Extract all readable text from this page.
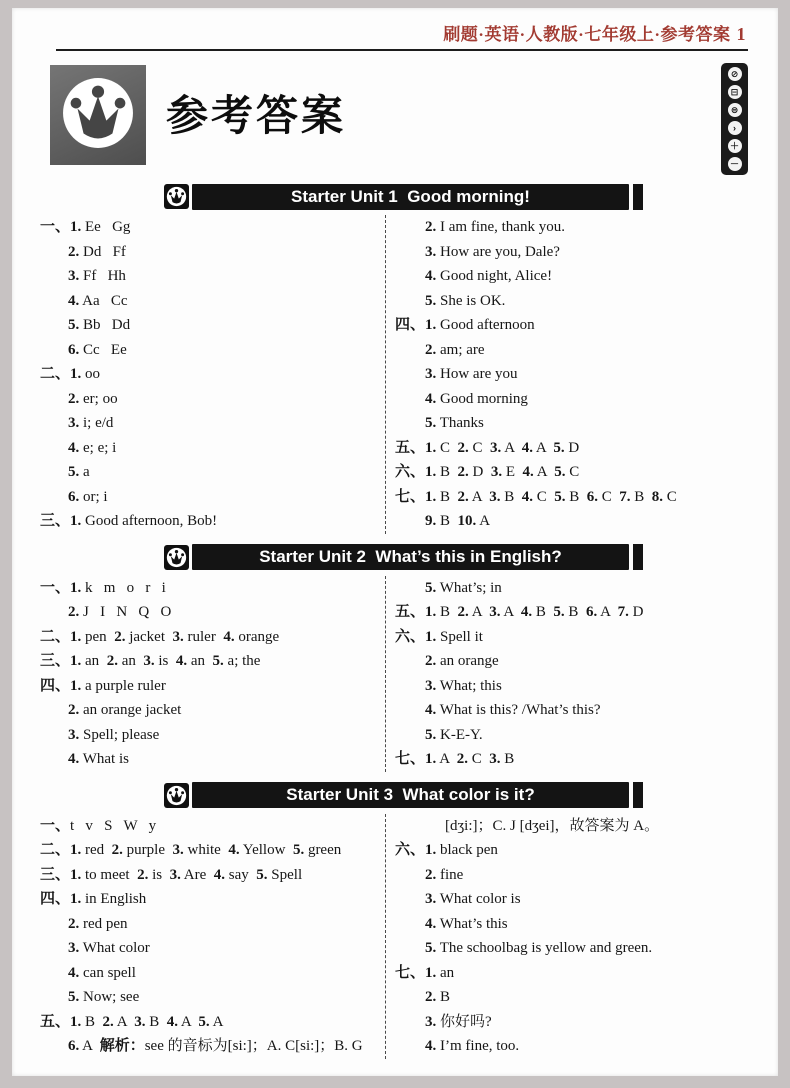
刷题·英语·人教版·七年级上·参考答案 1
参考答案
⊘
⊟
⊜
›
＋
－
Starter Unit 1  Good morning!
一、 1. Ee   Gg
2. Dd   Ff
3. Ff   Hh
4. Aa   Cc
5. Bb   Dd
6. Cc   Ee
二、 1. oo
2. er; oo
3. i; e/d
4. e; e; i
5. a
6. or; i
三、 1. Good afternoon, Bob!
2. I am fine, thank you.
3. How are you, Dale?
4. Good night, Alice!
5. She is OK.
四、 1. Good afternoon
2. am; are
3. How are you
4. Good morning
5. Thanks
五、 1. C  2. C  3. A  4. A  5. D
六、 1. B  2. D  3. E  4. A  5. C
七、 1. B  2. A  3. B  4. C  5. B  6. C  7. B  8. C
9. B  10. A
Starter Unit 2  What’s this in English?
一、 1. k   m   o   r   i
2. J   I   N   Q   O
二、 1. pen  2. jacket  3. ruler  4. orange
三、 1. an  2. an  3. is  4. an  5. a; the
四、 1. a purple ruler
2. an orange jacket
3. Spell; please
4. What is
5. What’s; in
五、 1. B  2. A  3. A  4. B  5. B  6. A  7. D
六、 1. Spell it
2. an orange
3. What; this
4. What is this? /What’s this?
5. K-E-Y.
七、 1. A  2. C  3. B
Starter Unit 3  What color is it?
一、 t   v   S   W   y
二、 1. red  2. purple  3. white  4. Yellow  5. green
三、 1. to meet  2. is  3. Are  4. say  5. Spell
四、 1. in English
2. red pen
3. What color
4. can spell
5. Now; see
五、 1. B  2. A  3. B  4. A  5. A
6. A  解析：see 的音标为[si:]；A. C[si:]；B. G
[dʒi:]；C. J [dʒei]，故答案为 A。
六、 1. black pen
2. fine
3. What color is
4. What’s this
5. The schoolbag is yellow and green.
七、 1. an
2. B
3. 你好吗?
4. I’m fine, too.
